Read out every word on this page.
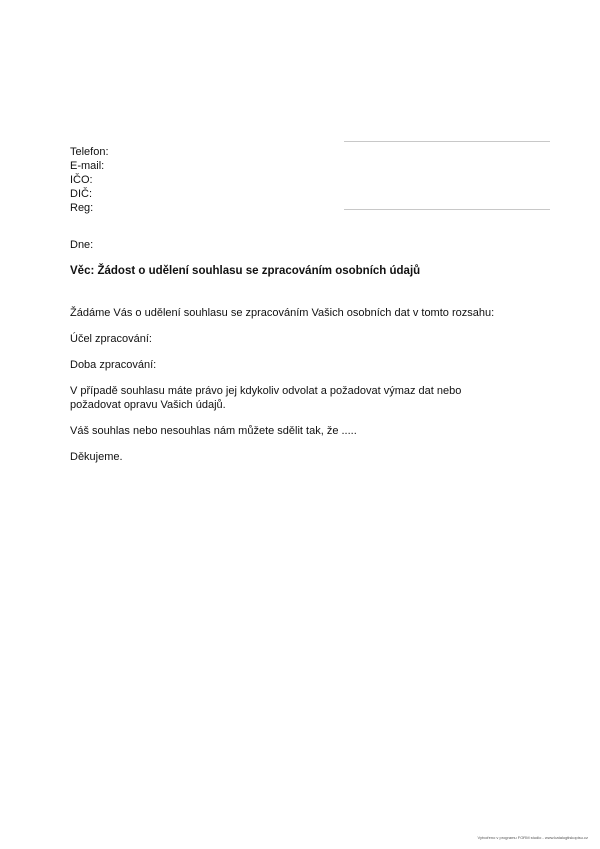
Telefon:
E-mail:
IČO:
DIČ:
Reg:
Dne:
Věc: Žádost o udělení souhlasu se zpracováním osobních údajů
Žádáme Vás o udělení souhlasu se zpracováním Vašich osobních dat v tomto rozsahu:
Účel zpracování:
Doba zpracování:
V případě souhlasu máte právo jej kdykoliv odvolat a požadovat výmaz dat nebo požadovat opravu Vašich údajů.
Váš souhlas nebo nesouhlas nám můžete sdělit tak, že .....
Děkujeme.
Vytvořeno v programu FORM studio - www.katalogtiskopisu.cz
